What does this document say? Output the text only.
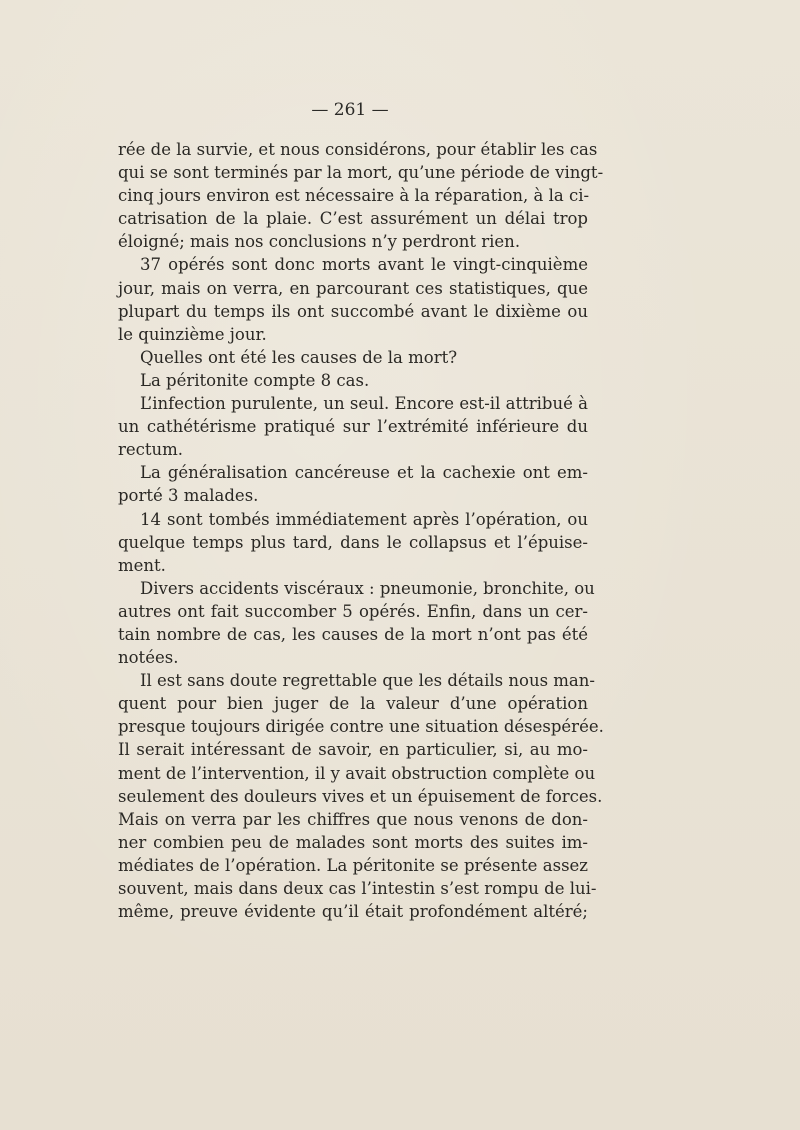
— 261 —
rée de la survie, et nous considérons, pour établir les cas
qui se sont terminés par la mort, qu’une période de vingt-
cinq jours environ est nécessaire à la réparation, à la ci-
catrisation de la plaie. C’est assurément un délai trop
éloigné; mais nos conclusions n’y perdront rien.
37 opérés sont donc morts avant le vingt-cinquième
jour, mais on verra, en parcourant ces statistiques, que
plupart du temps ils ont succombé avant le dixième ou
le quinzième jour.
Quelles ont été les causes de la mort?
La péritonite compte 8 cas.
L’infection purulente, un seul. Encore est-il attribué à
un cathétérisme pratiqué sur l’extrémité inférieure du
rectum.
La généralisation cancéreuse et la cachexie ont em-
porté 3 malades.
14 sont tombés immédiatement après l’opération, ou
quelque temps plus tard, dans le collapsus et l’épuise-
ment.
Divers accidents viscéraux : pneumonie, bronchite, ou
autres ont fait succomber 5 opérés. Enfin, dans un cer-
tain nombre de cas, les causes de la mort n’ont pas été
notées.
Il est sans doute regrettable que les détails nous man-
quent pour bien juger de la valeur d’une opération
presque toujours dirigée contre une situation désespérée.
Il serait intéressant de savoir, en particulier, si, au mo-
ment de l’intervention, il y avait obstruction complète ou
seulement des douleurs vives et un épuisement de forces.
Mais on verra par les chiffres que nous venons de don-
ner combien peu de malades sont morts des suites im-
médiates de l’opération. La péritonite se présente assez
souvent, mais dans deux cas l’intestin s’est rompu de lui-
même, preuve évidente qu’il était profondément altéré;
